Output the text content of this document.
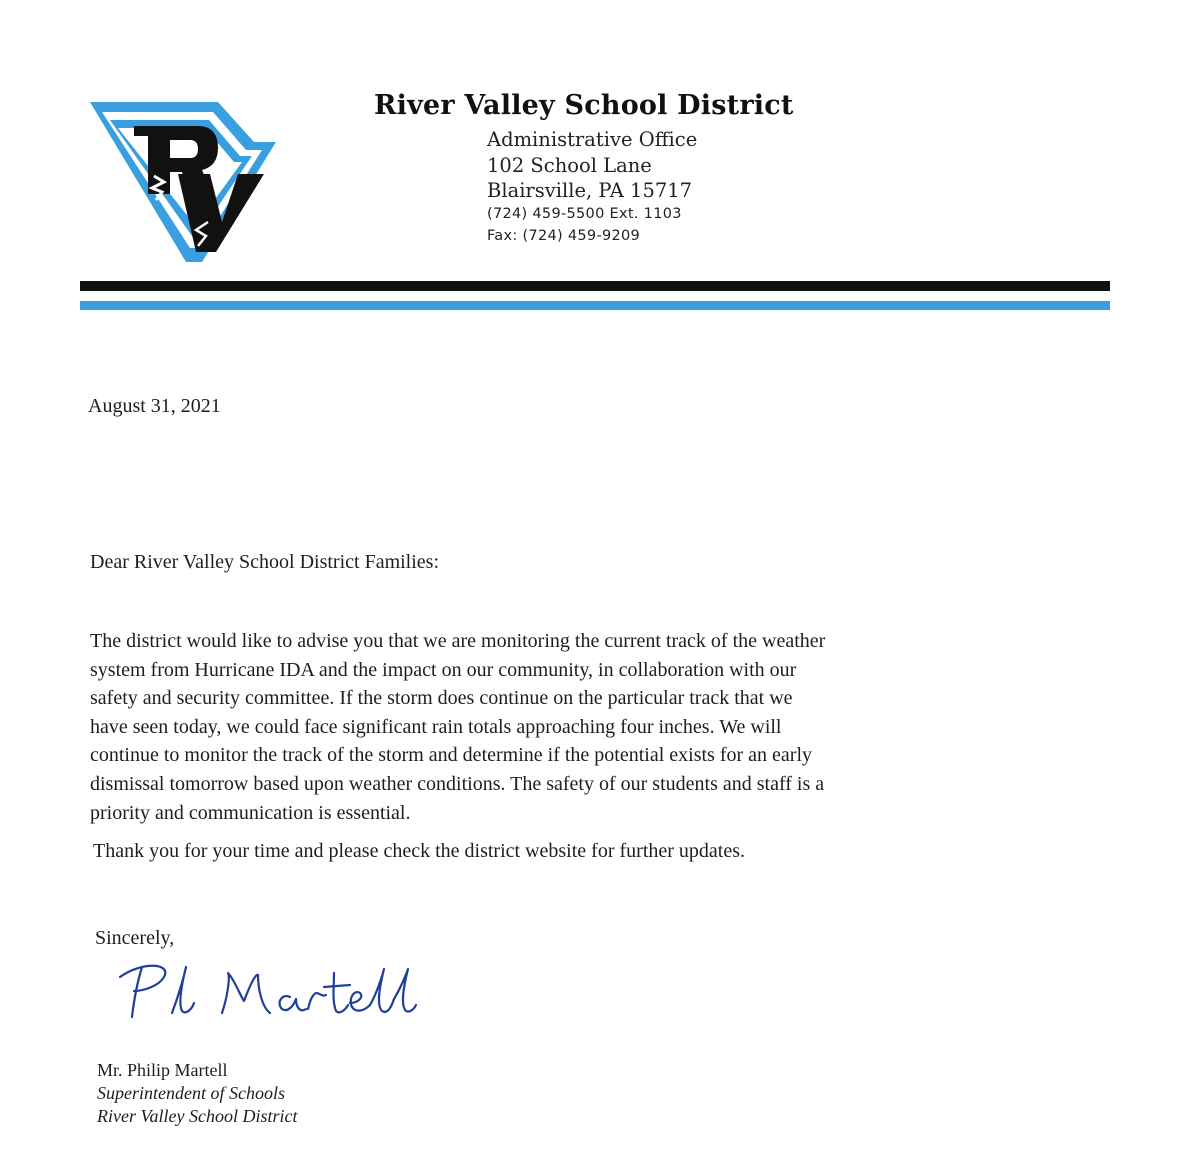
RV	River Valley School District
Administrative Office
102 School Lane
Blairsville, PA 15717
(724) 459-5500 Ext. 1103
Fax: (724) 459-9209
August 31, 2021
Dear River Valley School District Families:

The district would like to advise you that we are monitoring the current track of the weather
system from Hurricane IDA and the impact on our community, in collaboration with our
safety and security committee. If the storm does continue on the particular track that we
have seen today, we could face significant rain totals approaching four inches. We will
continue to monitor the track of the storm and determine if the potential exists for an early
dismissal tomorrow based upon weather conditions. The safety of our students and staff is a
priority and communication is essential.

Thank you for your time and please check the district website for further updates.
Sincerely,
Pl Martell
Mr. Philip Martell
Superintendent of Schools
River Valley School District
